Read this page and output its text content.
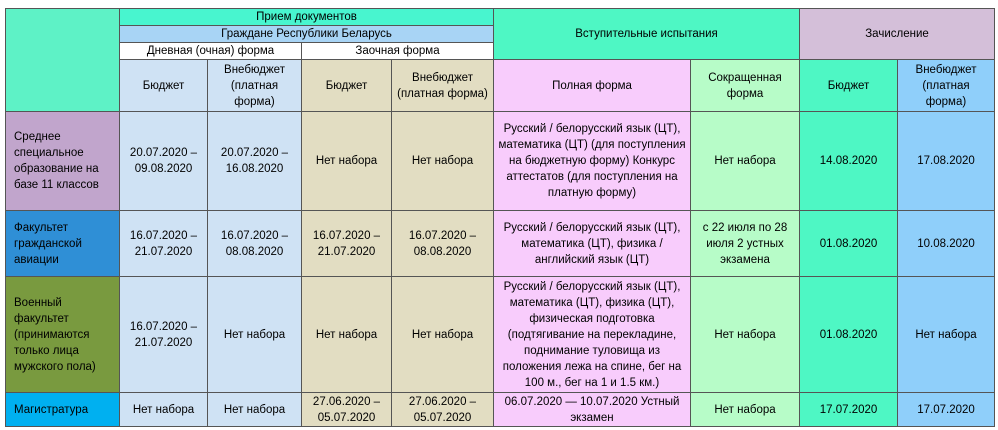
	Прием документов				Вступительные испытания		Зачисление	
	Граждане Республики Беларусь							
	Дневная (очная) форма		Заочная форма					
	Бюджет	Внебюджет (платная форма)	Бюджет	Внебюджет (платная форма)	Полная форма	Сокращенная форма	Бюджет	Внебюджет (платная форма)
Среднее специальное образование на базе 11 классов	20.07.2020 – 09.08.2020	20.07.2020 – 16.08.2020	Нет набора	Нет набора	Русский / белорусский язык (ЦТ), математика (ЦТ) (для поступления на бюджетную форму) Конкурс аттестатов (для поступления на платную форму)	Нет набора	14.08.2020	17.08.2020
Факультет гражданской авиации	16.07.2020 – 21.07.2020	16.07.2020 – 08.08.2020	16.07.2020 – 21.07.2020	16.07.2020 – 08.08.2020	Русский / белорусский язык (ЦТ), математика (ЦТ), физика / английский язык (ЦТ)	с 22 июля по 28 июля 2 устных экзамена	01.08.2020	10.08.2020
Военный факультет (принимаются только лица мужского пола)	16.07.2020 – 21.07.2020	Нет набора	Нет набора	Нет набора	Русский / белорусский язык (ЦТ), математика (ЦТ), физика (ЦТ), физическая подготовка (подтягивание на перекладине, поднимание туловища из положения лежа на спине, бег на 100 м., бег на 1 и 1.5 км.)	Нет набора	01.08.2020	Нет набора
Магистратура	Нет набора	Нет набора	27.06.2020 – 05.07.2020	27.06.2020 – 05.07.2020	06.07.2020 — 10.07.2020 Устный экзамен	Нет набора	17.07.2020	17.07.2020
